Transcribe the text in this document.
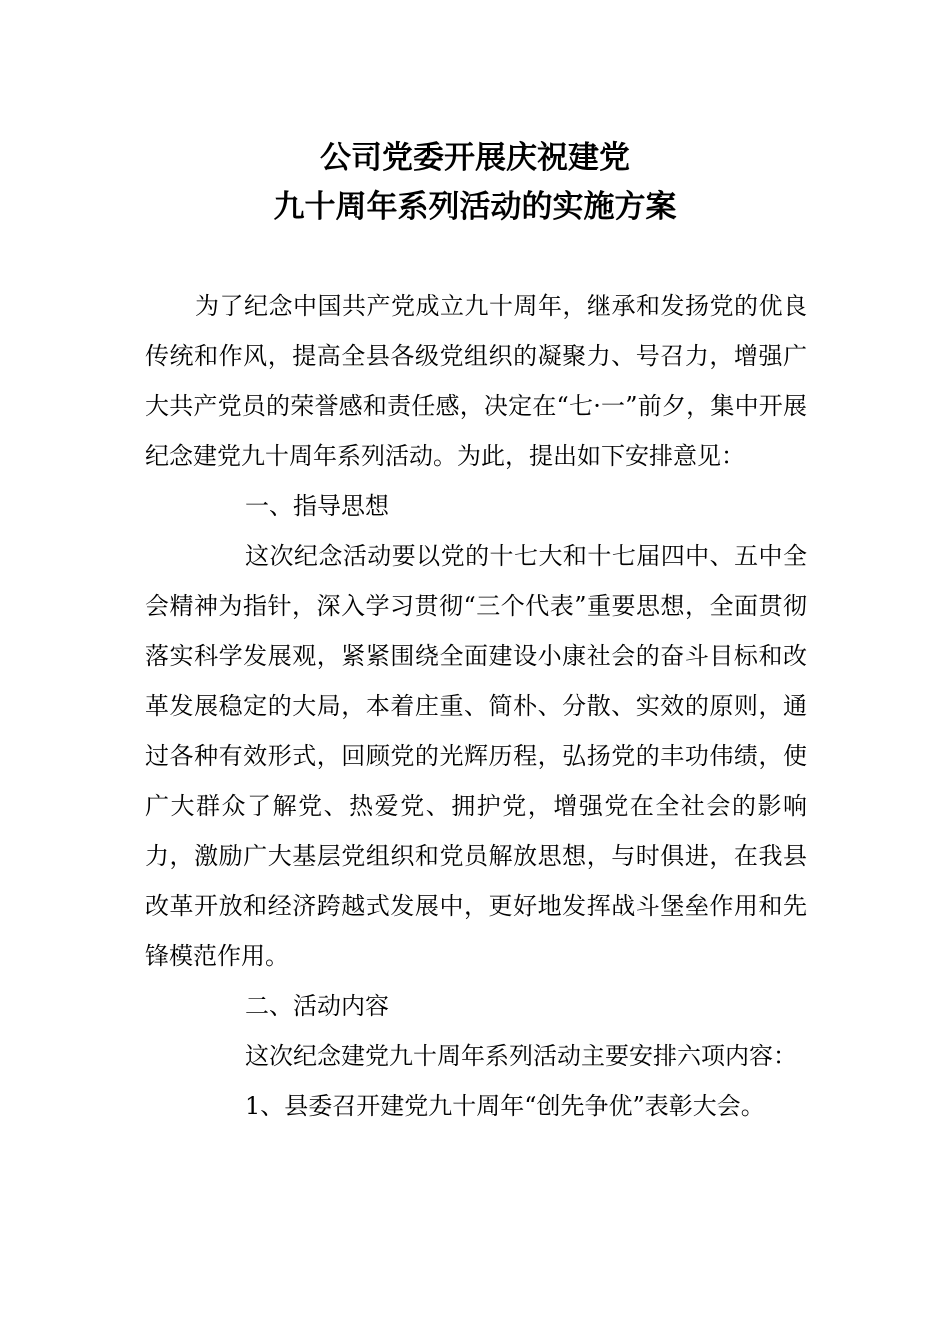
公司党委开展庆祝建党
九十周年系列活动的实施方案

为了纪念中国共产党成立九十周年，继承和发扬党的优良传统和作风，提高全县各级党组织的凝聚力、号召力，增强广大共产党员的荣誉感和责任感，决定在“七·一”前夕，集中开展纪念建党九十周年系列活动。为此，提出如下安排意见：

一、指导思想

这次纪念活动要以党的十七大和十七届四中、五中全会精神为指针，深入学习贯彻“三个代表”重要思想，全面贯彻落实科学发展观，紧紧围绕全面建设小康社会的奋斗目标和改革发展稳定的大局，本着庄重、简朴、分散、实效的原则，通过各种有效形式，回顾党的光辉历程，弘扬党的丰功伟绩，使广大群众了解党、热爱党、拥护党，增强党在全社会的影响力，激励广大基层党组织和党员解放思想，与时俱进，在我县改革开放和经济跨越式发展中，更好地发挥战斗堡垒作用和先锋模范作用。

二、活动内容

这次纪念建党九十周年系列活动主要安排六项内容：

1、县委召开建党九十周年“创先争优”表彰大会。
